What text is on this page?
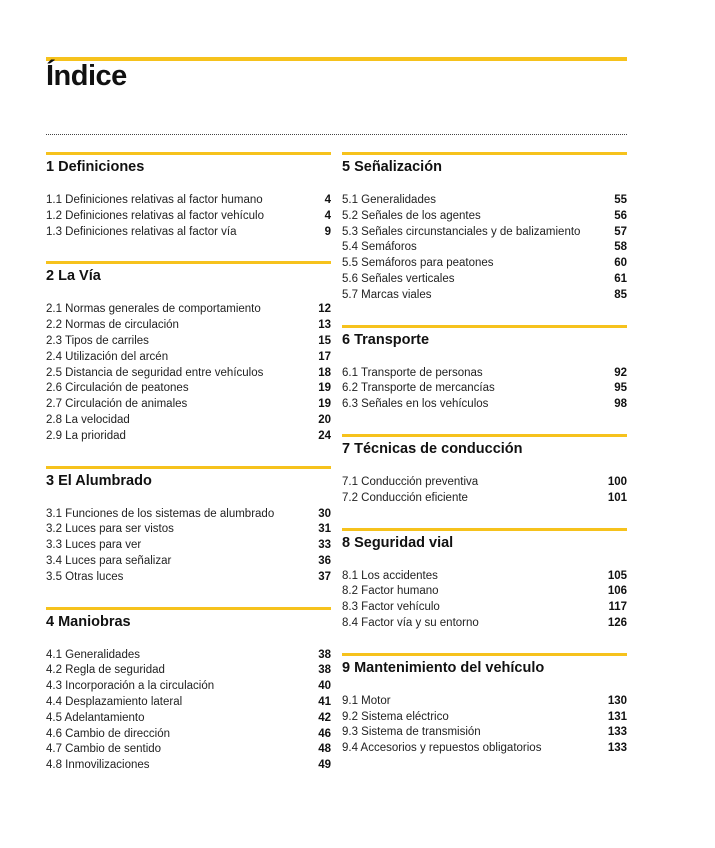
Índice
1 Definiciones
1.1 Definiciones relativas al factor humano	4
1.2 Definiciones relativas al factor vehículo	4
1.3 Definiciones relativas al factor vía	9
2 La Vía
2.1 Normas generales de comportamiento	12
2.2 Normas de circulación	13
2.3 Tipos de carriles	15
2.4 Utilización del arcén	17
2.5 Distancia de seguridad entre vehículos	18
2.6 Circulación de peatones	19
2.7 Circulación de animales	19
2.8 La velocidad	20
2.9 La prioridad	24
3 El Alumbrado
3.1 Funciones de los sistemas de alumbrado	30
3.2 Luces para ser vistos	31
3.3 Luces para ver	33
3.4 Luces para señalizar	36
3.5 Otras luces	37
4 Maniobras
4.1 Generalidades	38
4.2 Regla de seguridad	38
4.3 Incorporación a la circulación	40
4.4 Desplazamiento lateral	41
4.5 Adelantamiento	42
4.6 Cambio de dirección	46
4.7 Cambio de sentido	48
4.8 Inmovilizaciones	49
5 Señalización
5.1 Generalidades	55
5.2 Señales de los agentes	56
5.3 Señales circunstanciales y de balizamiento	57
5.4 Semáforos	58
5.5 Semáforos para peatones	60
5.6 Señales verticales	61
5.7 Marcas viales	85
6 Transporte
6.1 Transporte de personas	92
6.2 Transporte de mercancías	95
6.3 Señales en los vehículos	98
7 Técnicas de conducción
7.1 Conducción preventiva	100
7.2 Conducción eficiente	101
8 Seguridad vial
8.1 Los accidentes	105
8.2 Factor humano	106
8.3 Factor vehículo	117
8.4 Factor vía y su entorno	126
9 Mantenimiento del vehículo
9.1 Motor	130
9.2 Sistema eléctrico	131
9.3 Sistema de transmisión	133
9.4 Accesorios y repuestos obligatorios	133
